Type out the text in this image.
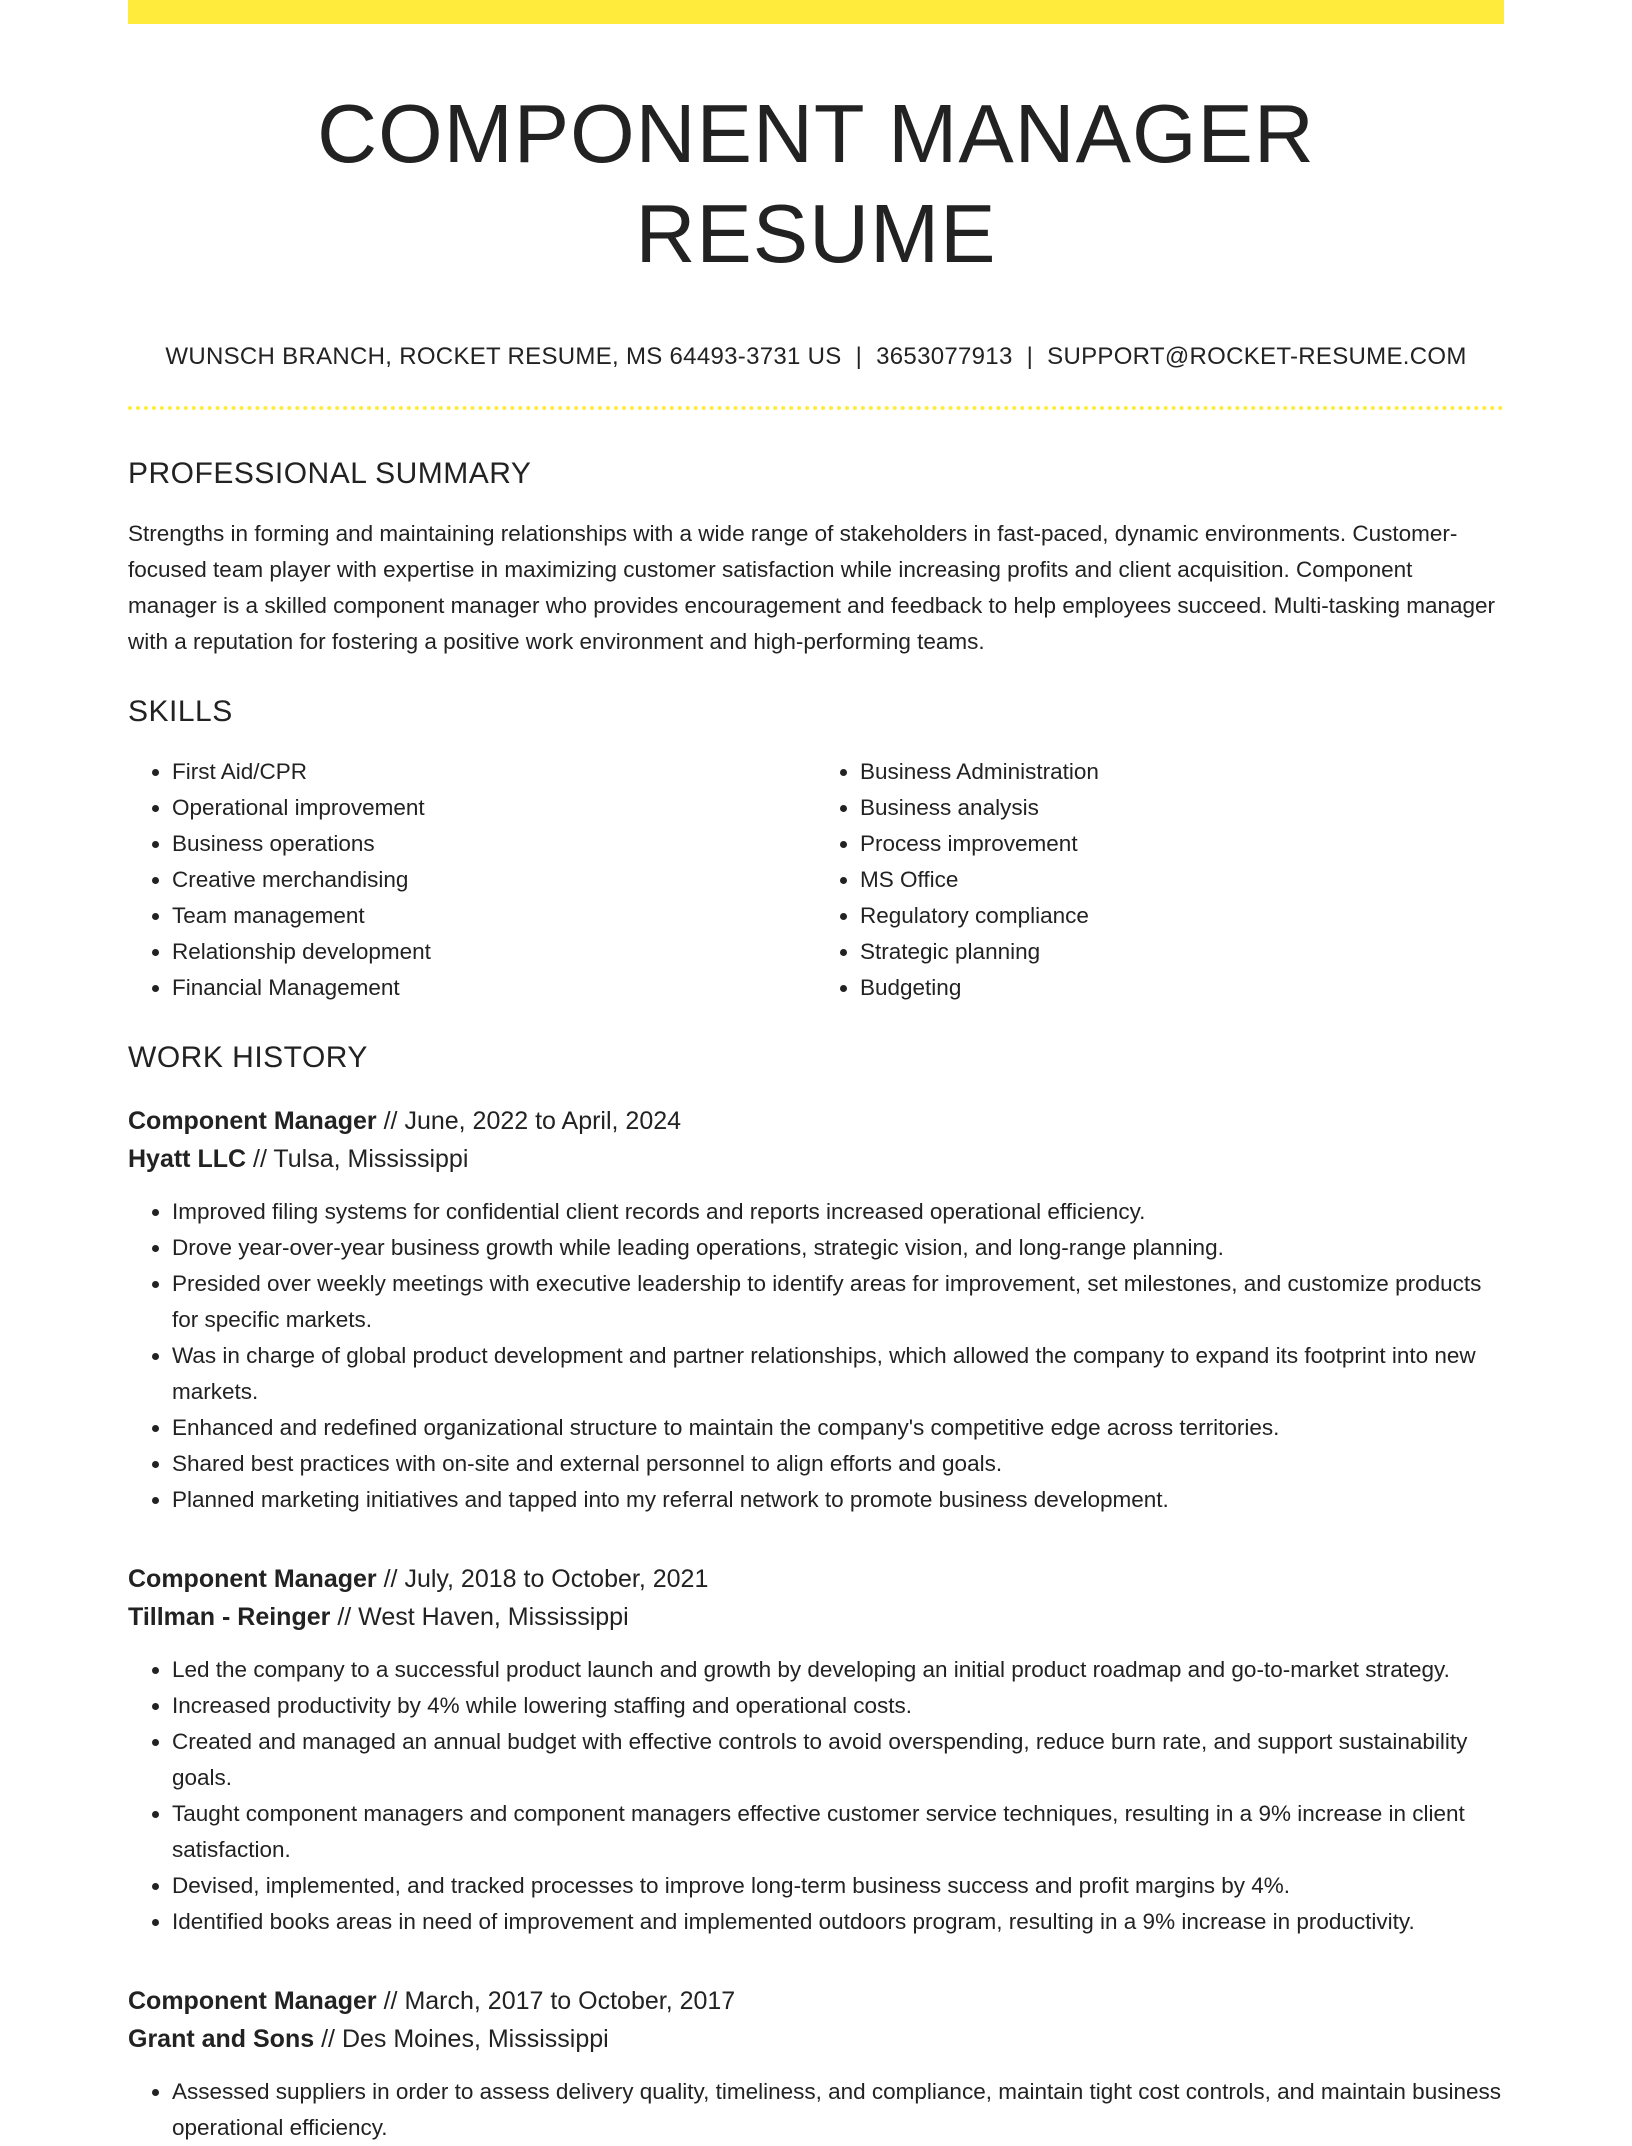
COMPONENT MANAGER RESUME
WUNSCH BRANCH, ROCKET RESUME, MS 64493-3731 US | 3653077913 | SUPPORT@ROCKET-RESUME.COM
PROFESSIONAL SUMMARY

Strengths in forming and maintaining relationships with a wide range of stakeholders in fast-paced, dynamic environments. Customer-focused team player with expertise in maximizing customer satisfaction while increasing profits and client acquisition. Component manager is a skilled component manager who provides encouragement and feedback to help employees succeed. Multi-tasking manager with a reputation for fostering a positive work environment and high-performing teams.

SKILLS
• First Aid/CPR
• Operational improvement
• Business operations
• Creative merchandising
• Team management
• Relationship development
• Financial Management
• Business Administration
• Business analysis
• Process improvement
• MS Office
• Regulatory compliance
• Strategic planning
• Budgeting
WORK HISTORY
Component Manager // June, 2022 to April, 2024
Hyatt LLC // Tulsa, Mississippi
• Improved filing systems for confidential client records and reports increased operational efficiency.
• Drove year-over-year business growth while leading operations, strategic vision, and long-range planning.
• Presided over weekly meetings with executive leadership to identify areas for improvement, set milestones, and customize products for specific markets.
• Was in charge of global product development and partner relationships, which allowed the company to expand its footprint into new markets.
• Enhanced and redefined organizational structure to maintain the company's competitive edge across territories.
• Shared best practices with on-site and external personnel to align efforts and goals.
• Planned marketing initiatives and tapped into my referral network to promote business development.
Component Manager // July, 2018 to October, 2021
Tillman - Reinger // West Haven, Mississippi
• Led the company to a successful product launch and growth by developing an initial product roadmap and go-to-market strategy.
• Increased productivity by 4% while lowering staffing and operational costs.
• Created and managed an annual budget with effective controls to avoid overspending, reduce burn rate, and support sustainability goals.
• Taught component managers and component managers effective customer service techniques, resulting in a 9% increase in client satisfaction.
• Devised, implemented, and tracked processes to improve long-term business success and profit margins by 4%.
• Identified books areas in need of improvement and implemented outdoors program, resulting in a 9% increase in productivity.
Component Manager // March, 2017 to October, 2017
Grant and Sons // Des Moines, Mississippi
• Assessed suppliers in order to assess delivery quality, timeliness, and compliance, maintain tight cost controls, and maintain business operational efficiency.
